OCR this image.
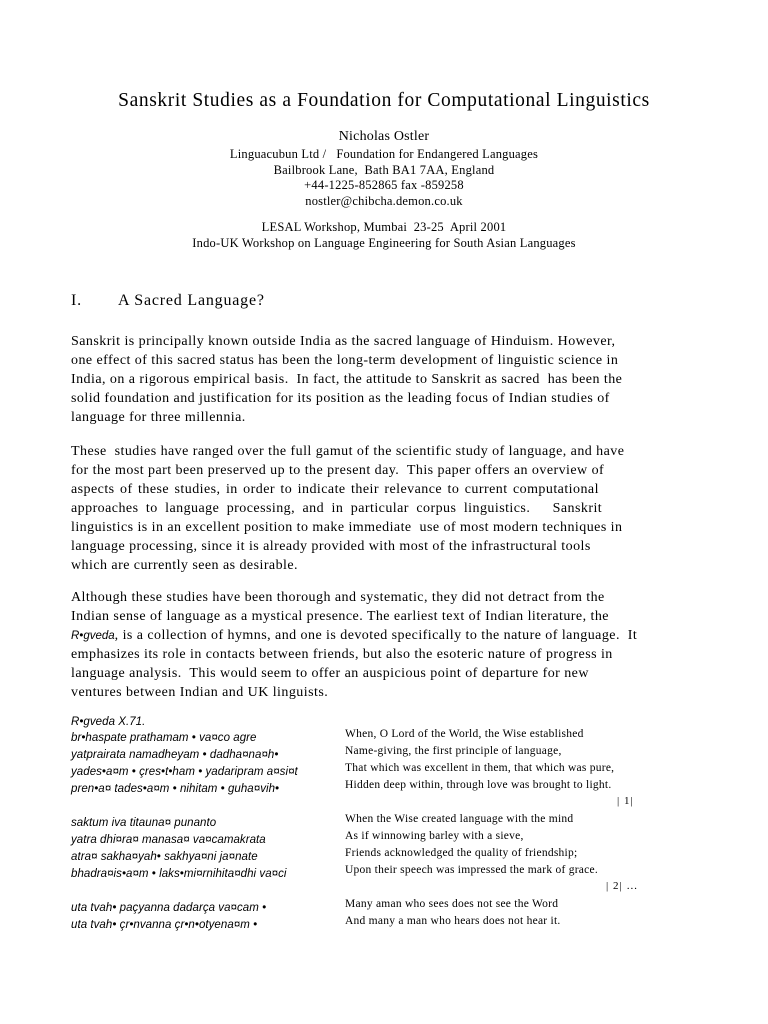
Sanskrit Studies as a Foundation for Computational Linguistics
Nicholas Ostler
Linguacubun Ltd /   Foundation for Endangered Languages
Bailbrook Lane,  Bath BA1 7AA, England
+44-1225-852865 fax -859258
nostler@chibcha.demon.co.uk
LESAL Workshop, Mumbai  23-25  April 2001
Indo-UK Workshop on Language Engineering for South Asian Languages
I. A Sacred Language?
Sanskrit is principally known outside India as the sacred language of Hinduism. However,
one effect of this sacred status has been the long-term development of linguistic science in
India, on a rigorous empirical basis.  In fact, the attitude to Sanskrit as sacred  has been the
solid foundation and justification for its position as the leading focus of Indian studies of
language for three millennia.
These  studies have ranged over the full gamut of the scientific study of language, and have
for the most part been preserved up to the present day.  This paper offers an overview of
aspects of these studies, in order to indicate their relevance to current computational
approaches to language processing, and in particular corpus linguistics.   Sanskrit
linguistics is in an excellent position to make immediate  use of most modern techniques in
language processing, since it is already provided with most of the infrastructural tools
which are currently seen as desirable.
Although these studies have been thorough and systematic, they did not detract from the
Indian sense of language as a mystical presence. The earliest text of Indian literature, the
R•gveda, is a collection of hymns, and one is devoted specifically to the nature of language.  It
emphasizes its role in contacts between friends, but also the esoteric nature of progress in
language analysis.  This would seem to offer an auspicious point of departure for new
ventures between Indian and UK linguists.
R•gveda X.71.
br•haspate prathamam • va¤co agre
yatprairata namadheyam • dadha¤na¤h•
yades•a¤m • çres•t•ham • yadaripram a¤si¤t
pren•a¤ tades•a¤m • nihitam • guha¤vih•
When, O Lord of the World, the Wise established
Name-giving, the first principle of language,
That which was excellent in them, that which was pure,
Hidden deep within, through love was brought to light.
| 1|
saktum iva titauna¤ punanto
yatra dhi¤ra¤ manasa¤ va¤camakrata
atra¤ sakha¤yah• sakhya¤ni ja¤nate
bhadra¤is•a¤m • laks•mi¤rnihita¤dhi va¤ci
When the Wise created language with the mind
As if winnowing barley with a sieve,
Friends acknowledged the quality of friendship;
Upon their speech was impressed the mark of grace.
| 2| …
uta tvah• paçyanna dadarça va¤cam •
uta tvah• çr•nvanna çr•n•otyena¤m •
Many aman who sees does not see the Word
And many a man who hears does not hear it.
